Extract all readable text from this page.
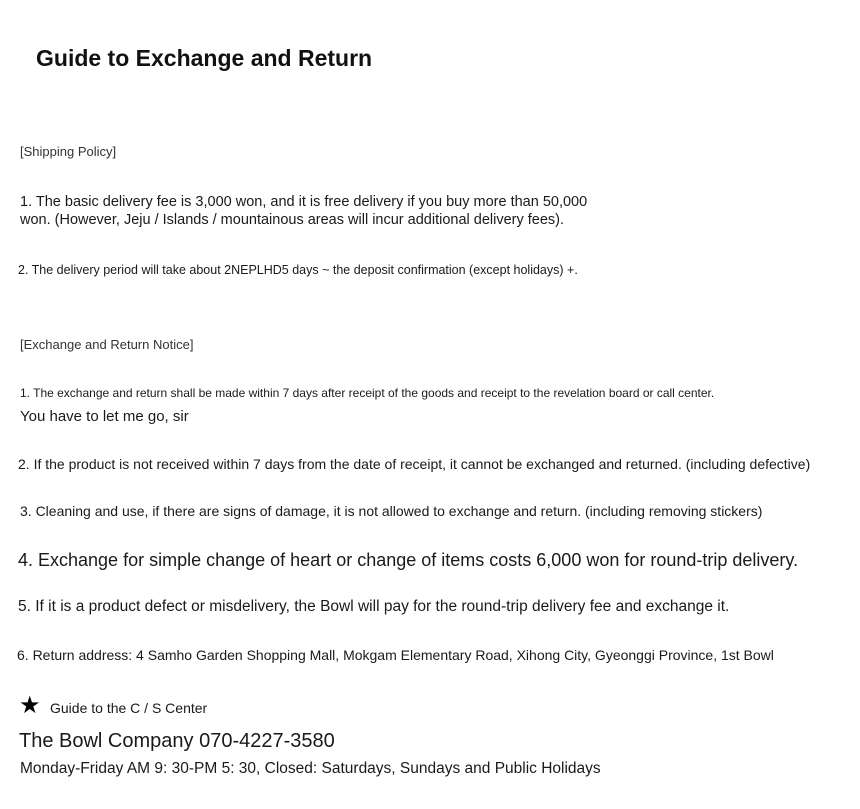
Guide to Exchange and Return
[Shipping Policy]
1. The basic delivery fee is 3,000 won, and it is free delivery if you buy more than 50,000 won. (However, Jeju / Islands / mountainous areas will incur additional delivery fees).
2. The delivery period will take about 2NEPLHD5 days ~ the deposit confirmation (except holidays) +.
[Exchange and Return Notice]
1. The exchange and return shall be made within 7 days after receipt of the goods and receipt to the revelation board or call center.
You have to let me go, sir
2. If the product is not received within 7 days from the date of receipt, it cannot be exchanged and returned. (including defective)
3. Cleaning and use, if there are signs of damage, it is not allowed to exchange and return. (including removing stickers)
4. Exchange for simple change of heart or change of items costs 6,000 won for round-trip delivery.
5. If it is a product defect or misdelivery, the Bowl will pay for the round-trip delivery fee and exchange it.
6. Return address: 4 Samho Garden Shopping Mall, Mokgam Elementary Road, Xihong City, Gyeonggi Province, 1st Bowl
★ Guide to the C / S Center
The Bowl Company 070-4227-3580
Monday-Friday AM 9: 30-PM 5: 30, Closed: Saturdays, Sundays and Public Holidays
